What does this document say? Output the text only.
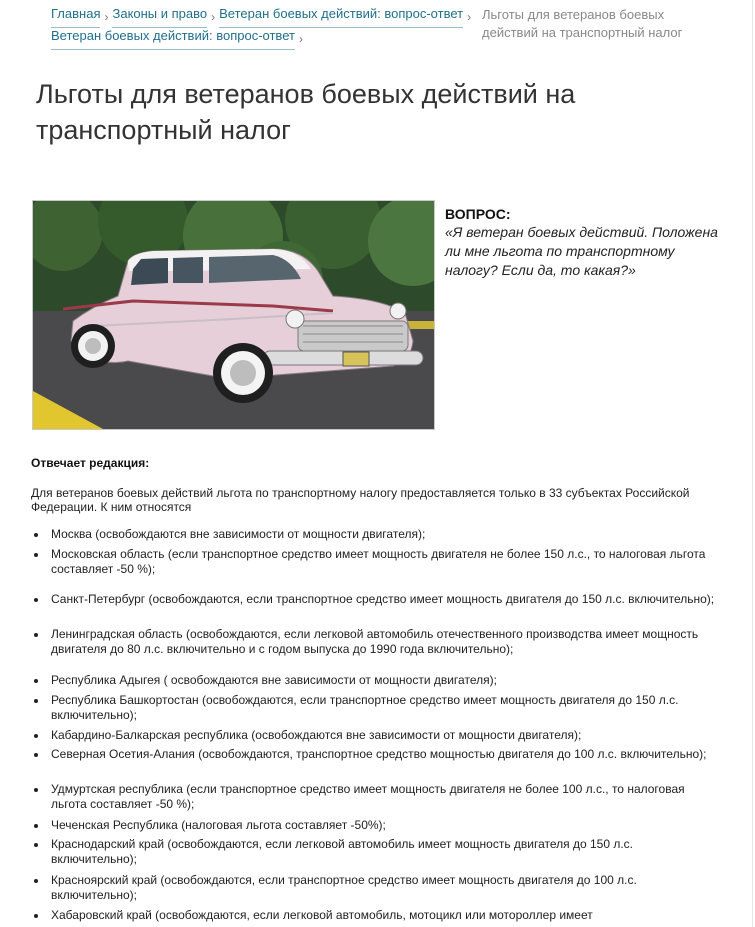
Главная › Законы и право › Ветеран боевых действий: вопрос-ответ ›
Ветеран боевых действий: вопрос-ответ ›
Льготы для ветеранов боевых действий на транспортный налог
Льготы для ветеранов боевых действий на транспортный налог
ВОПРОС:
«Я ветеран боевых действий. Положена ли мне льгота по транспортному налогу? Если да, то какая?»
Отвечает редакция:
Для ветеранов боевых действий льгота по транспортному налогу предоставляется только в 33 субъектах Российской Федерации. К ним относятся
Москва (освобождаются вне зависимости от мощности двигателя);
Московская область (если транспортное средство имеет мощность двигателя не более 150 л.с., то налоговая льгота составляет -50 %);
Санкт-Петербург (освобождаются, если транспортное средство имеет мощность двигателя до 150 л.с. включительно);
Ленинградская область (освобождаются, если легковой автомобиль отечественного производства имеет мощность двигателя до 80 л.с. включительно и с годом выпуска до 1990 года включительно);
Республика Адыгея ( освобождаются вне зависимости от мощности двигателя);
Республика Башкортостан (освобождаются, если транспортное средство имеет мощность двигателя до 150 л.с. включительно);
Кабардино-Балкарская республика (освобождаются вне зависимости от мощности двигателя);
Северная Осетия-Алания (освобождаются, транспортное средство мощностью двигателя до 100 л.с. включительно);
Удмуртская республика (если транспортное средство имеет мощность двигателя не более 100 л.с., то налоговая льгота составляет -50 %);
Чеченская Республика (налоговая льгота составляет -50%);
Краснодарский край (освобождаются, если легковой автомобиль имеет мощность двигателя до 150 л.с. включительно);
Красноярский край (освобождаются, если транспортное средство имеет мощность двигателя до 100 л.с. включительно);
Хабаровский край (освобождаются, если легковой автомобиль, мотоцикл или мотороллер имеет
